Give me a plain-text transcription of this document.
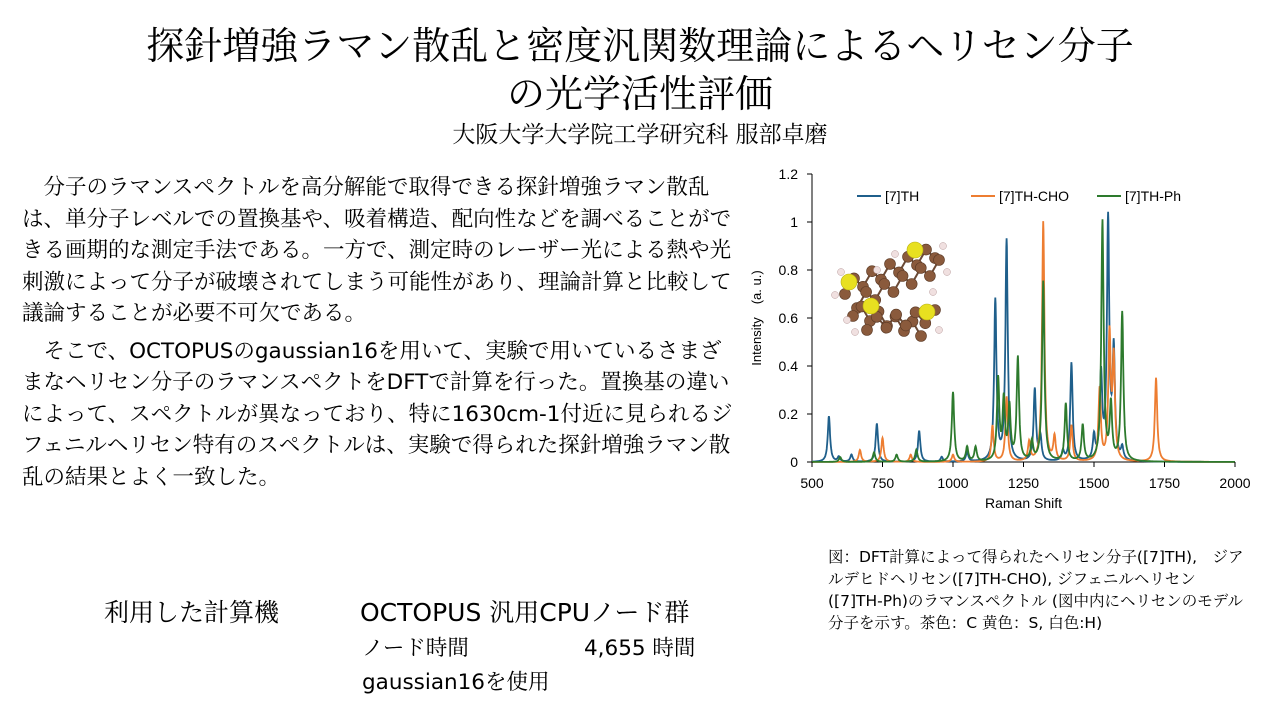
探針増強ラマン散乱と密度汎関数理論によるヘリセン分子
の光学活性評価
大阪大学大学院工学研究科 服部卓磨

分子のラマンスペクトルを高分解能で取得できる探針増強ラマン散乱は、単分子レベルでの置換基や、吸着構造、配向性などを調べることができる画期的な測定手法である。一方で、測定時のレーザー光による熱や光刺激によって分子が破壊されてしまう可能性があり、理論計算と比較して議論することが必要不可欠である。

そこで、OCTOPUSのgaussian16を用いて、実験で用いているさまざまなヘリセン分子のラマンスペクトをDFTで計算を行った。置換基の違いによって、スペクトルが異なっており、特に1630cm-1付近に見られるジフェニルヘリセン特有のスペクトルは、実験で得られた探針増強ラマン散乱の結果とよく一致した。

利用した計算機	OCTOPUS 汎用CPUノード群
ノード時間	4,655 時間
gaussian16を使用
500	750	1000	1250	1500	1750	2000
0
0.2
0.4
0.6
0.8
1
1.2
[7]TH	[7]TH-CHO	[7]TH-Ph
Raman Shift
Intensity　(a. u.)
図：DFT計算によって得られたヘリセン分子([7]TH),　ジアルデヒドヘリセン([7]TH-CHO), ジフェニルヘリセン([7]TH-Ph)のラマンスペクトル (図中内にヘリセンのモデル分子を示す。茶色：C 黄色：S, 白色:H)
